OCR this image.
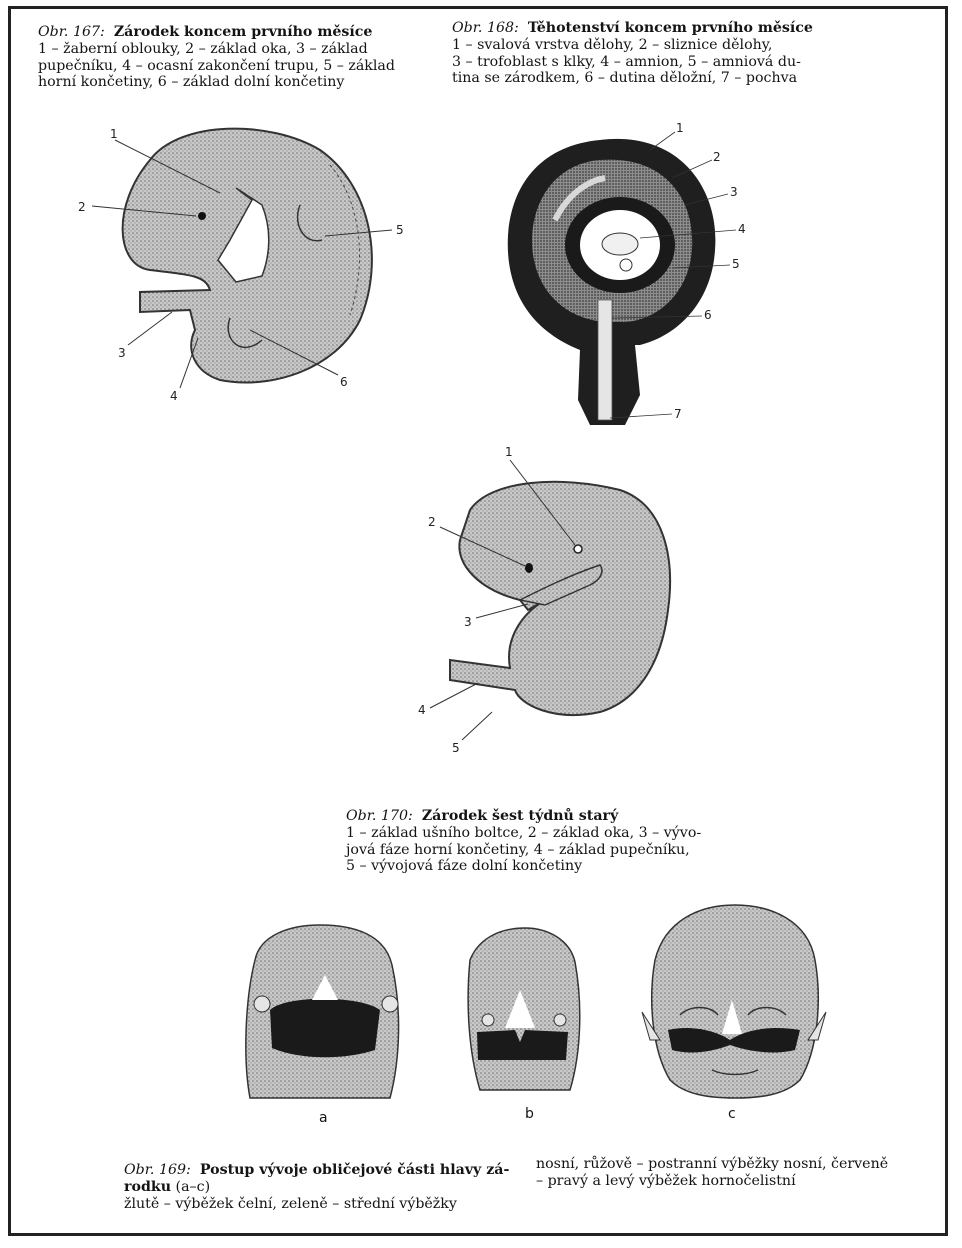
Obr. 167: Zárodek koncem prvního měsíce
1 – žaberní oblouky, 2 – základ oka, 3 – základ
pupečníku, 4 – ocasní zakončení trupu, 5 – základ
horní končetiny, 6 – základ dolní končetiny
Obr. 168: Těhotenství koncem prvního měsíce
1 – svalová vrstva dělohy, 2 – sliznice dělohy,
3 – trofoblast s klky, 4 – amnion, 5 – amniová du-
tina se zárodkem, 6 – dutina děložní, 7 – pochva
Obr. 170: Zárodek šest týdnů starý
1 – základ ušního boltce, 2 – základ oka, 3 – vývo-
jová fáze horní končetiny, 4 – základ pupečníku,
5 – vývojová fáze dolní končetiny
Obr. 169: Postup vývoje obličejové části hlavy zá-
rodku (a–c)
žlutě – výběžek čelní, zeleně – střední výběžky
nosní, růžově – postranní výběžky nosní, červeně
– pravý a levý výběžek hornočelistní
1
2
3
4
5
6
1
2
3
4
5
6
7
1
2
3
4
5
a	b	c
